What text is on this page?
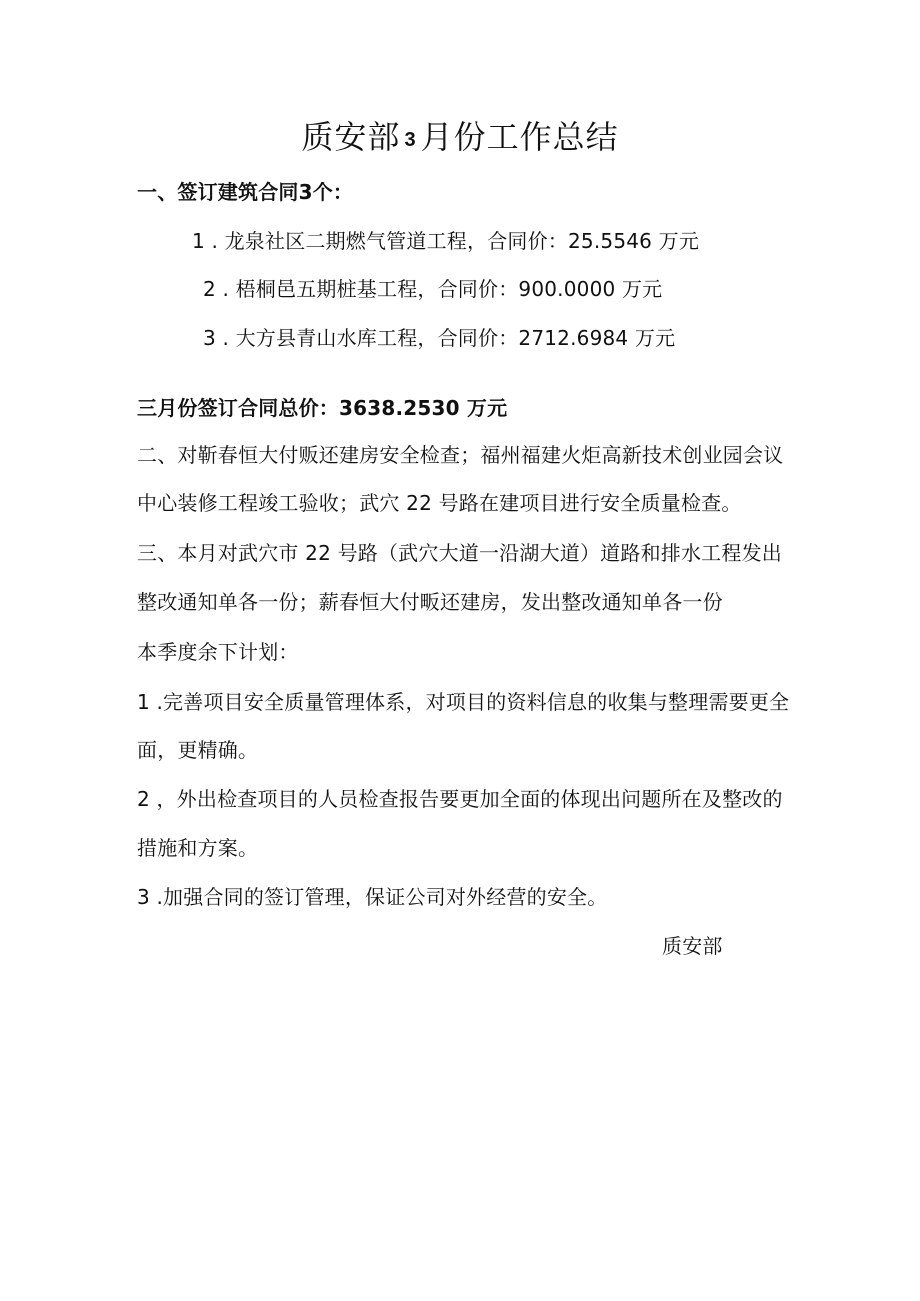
质安部 3 月份工作总结
一、签订建筑合同3个：
1 . 龙泉社区二期燃气管道工程，合同价：25.5546 万元
2 . 梧桐邑五期桩基工程，合同价：900.0000 万元
3 . 大方县青山水库工程，合同价：2712.6984 万元
三月份签订合同总价：3638.2530 万元
二、对靳春恒大付贩还建房安全检查；福州福建火炬高新技术创业园会议
中心装修工程竣工验收；武穴 22 号路在建项目进行安全质量检查。
三、本月对武穴市 22 号路（武穴大道一沿湖大道）道路和排水工程发出
整改通知单各一份；薪春恒大付畈还建房，发出整改通知单各一份
本季度余下计划：
1 .完善项目安全质量管理体系，对项目的资料信息的收集与整理需要更全
面，更精确。
2 ，外出检查项目的人员检查报告要更加全面的体现出问题所在及整改的
措施和方案。
3 .加强合同的签订管理，保证公司对外经营的安全。
质安部
